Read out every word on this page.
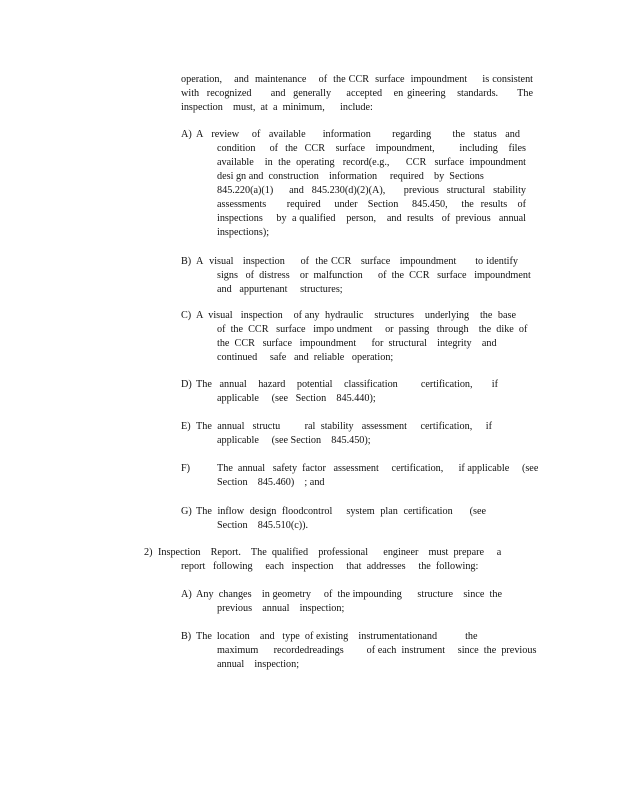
operation,    and  maintenance    of  the CCR  surface  impoundment     is consistent
with  recognized     and  generally    accepted   en gineering   standards.     The
inspection    must,  at  a  minimum,      include:
A) A  review   of  available    information     regarding     the  status  and
condition    of  the  CCR   surface   impoundment,       including   files
available    in  the  operating   record(e.g.,      CCR   surface  impoundment
desi gn and  construction    information     required    by  Sections
845.220(a)(1)      and   845.230(d)(2)(A),       previous   structural   stability
assessments      required    under   Section    845.450,    the  results   of
inspections     by  a qualified    person,    and  results   of  previous   annual
inspections);
B) A  visual   inspection     of  the CCR   surface   impoundment      to identify
signs   of  distress    or  malfunction      of  the  CCR   surface   impoundment
and   appurtenant     structures;
C) A  visual   inspection    of any  hydraulic    structures    underlying    the  base
of  the  CCR   surface   impo undment     or  passing   through    the  dike  of
the  CCR   surface   impoundment      for  structural    integrity    and
continued     safe   and  reliable   operation;
D) The  annual   hazard   potential   classification      certification,     if
applicable     (see   Section    845.440);
E) The  annual   structu         ral  stability   assessment     certification,     if
applicable     (see Section    845.450);
F)	The  annual   safety  factor   assessment     certification,      if applicable     (see
Section    845.460)    ; and
G) The  inflow  design  floodcontrol     system  plan  certification      (see
Section    845.510(c)).
2) Inspection    Report.    The  qualified    professional      engineer    must  prepare     a
report   following     each   inspection     that  addresses     the  following:
A) Any  changes    in geometry     of  the impounding      structure    since  the
previous    annual    inspection;
B) The  location    and   type  of existing    instrumentationand           the
maximum      recordedreadings         of each  instrument     since  the  previous
annual    inspection;
